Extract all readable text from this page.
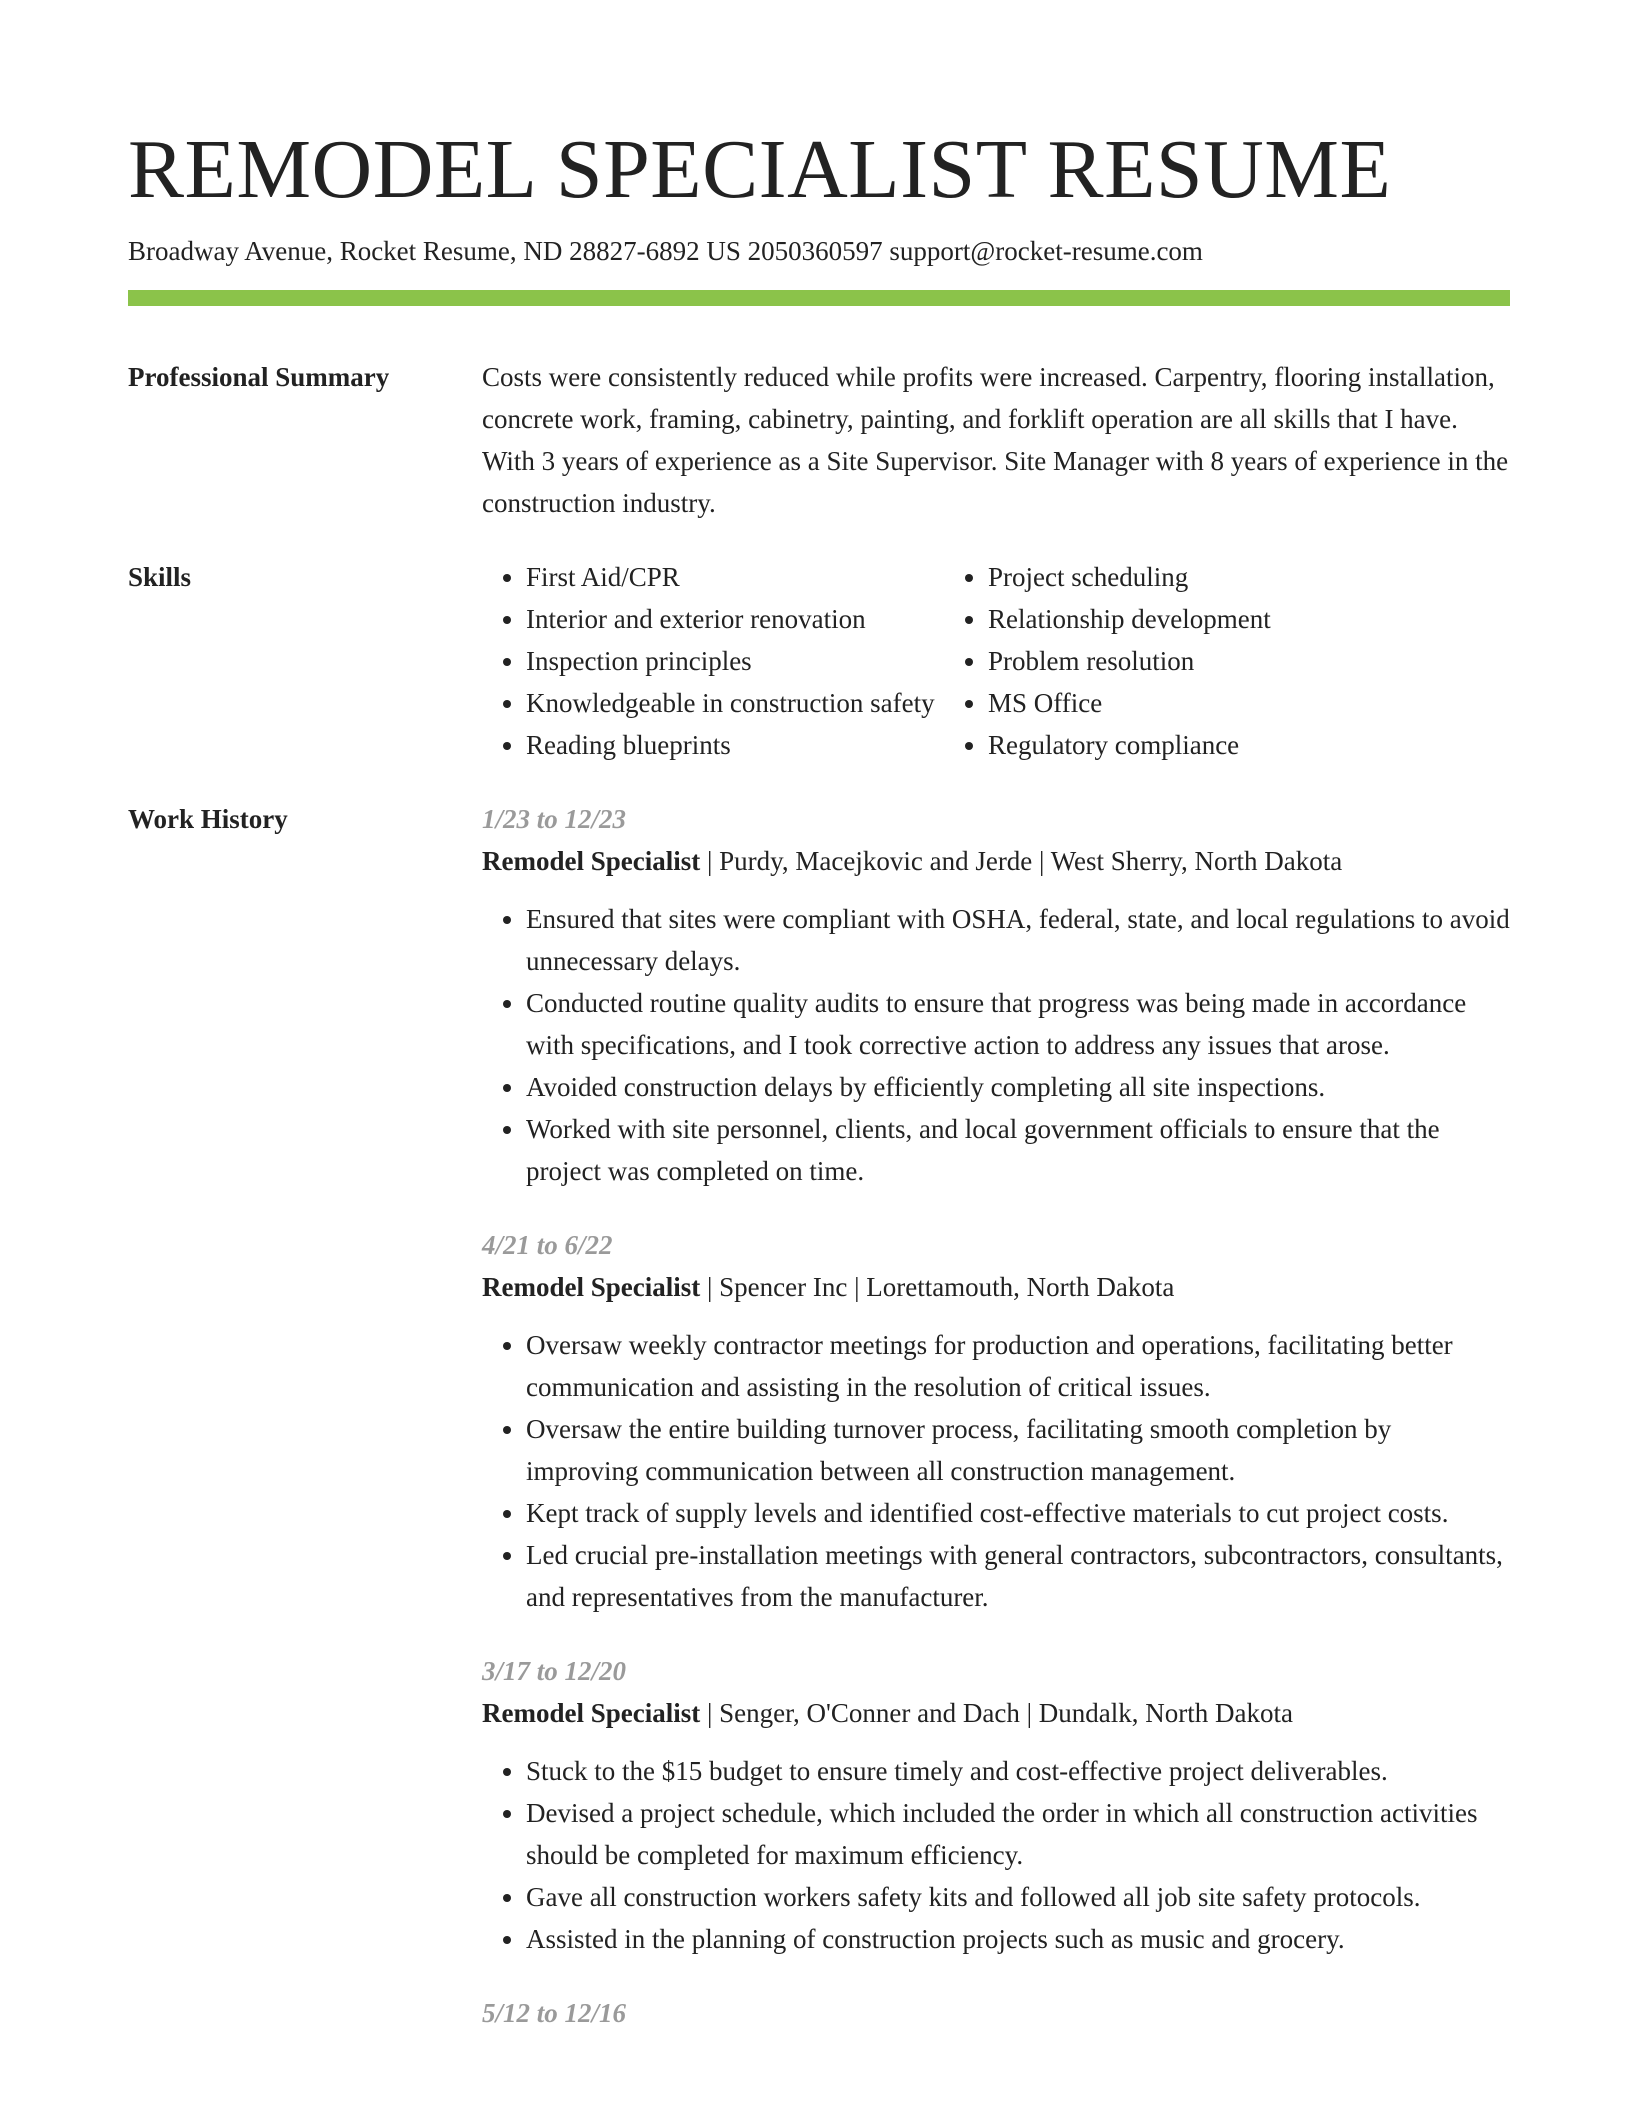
REMODEL SPECIALIST RESUME
Broadway Avenue, Rocket Resume, ND 28827-6892 US 2050360597 support@rocket-resume.com
Professional Summary	Costs were consistently reduced while profits were increased. Carpentry, flooring installation, concrete work, framing, cabinetry, painting, and forklift operation are all skills that I have. With 3 years of experience as a Site Supervisor. Site Manager with 8 years of experience in the construction industry.
Skills
•	First Aid/CPR
• Interior and exterior renovation
• Inspection principles
• Knowledgeable in construction safety
• Reading blueprints
• Project scheduling
• Relationship development
• Problem resolution
• MS Office
• Regulatory compliance
Work History	1/23 to 12/23
Remodel Specialist | Purdy, Macejkovic and Jerde | West Sherry, North Dakota
• Ensured that sites were compliant with OSHA, federal, state, and local regulations to avoid unnecessary delays.
• Conducted routine quality audits to ensure that progress was being made in accordance with specifications, and I took corrective action to address any issues that arose.
• Avoided construction delays by efficiently completing all site inspections.
• Worked with site personnel, clients, and local government officials to ensure that the project was completed on time.
4/21 to 6/22
Remodel Specialist | Spencer Inc | Lorettamouth, North Dakota
• Oversaw weekly contractor meetings for production and operations, facilitating better communication and assisting in the resolution of critical issues.
• Oversaw the entire building turnover process, facilitating smooth completion by improving communication between all construction management.
• Kept track of supply levels and identified cost-effective materials to cut project costs.
• Led crucial pre-installation meetings with general contractors, subcontractors, consultants, and representatives from the manufacturer.
3/17 to 12/20
Remodel Specialist | Senger, O'Conner and Dach | Dundalk, North Dakota
• Stuck to the $15 budget to ensure timely and cost-effective project deliverables.
• Devised a project schedule, which included the order in which all construction activities should be completed for maximum efficiency.
• Gave all construction workers safety kits and followed all job site safety protocols.
• Assisted in the planning of construction projects such as music and grocery.
5/12 to 12/16
